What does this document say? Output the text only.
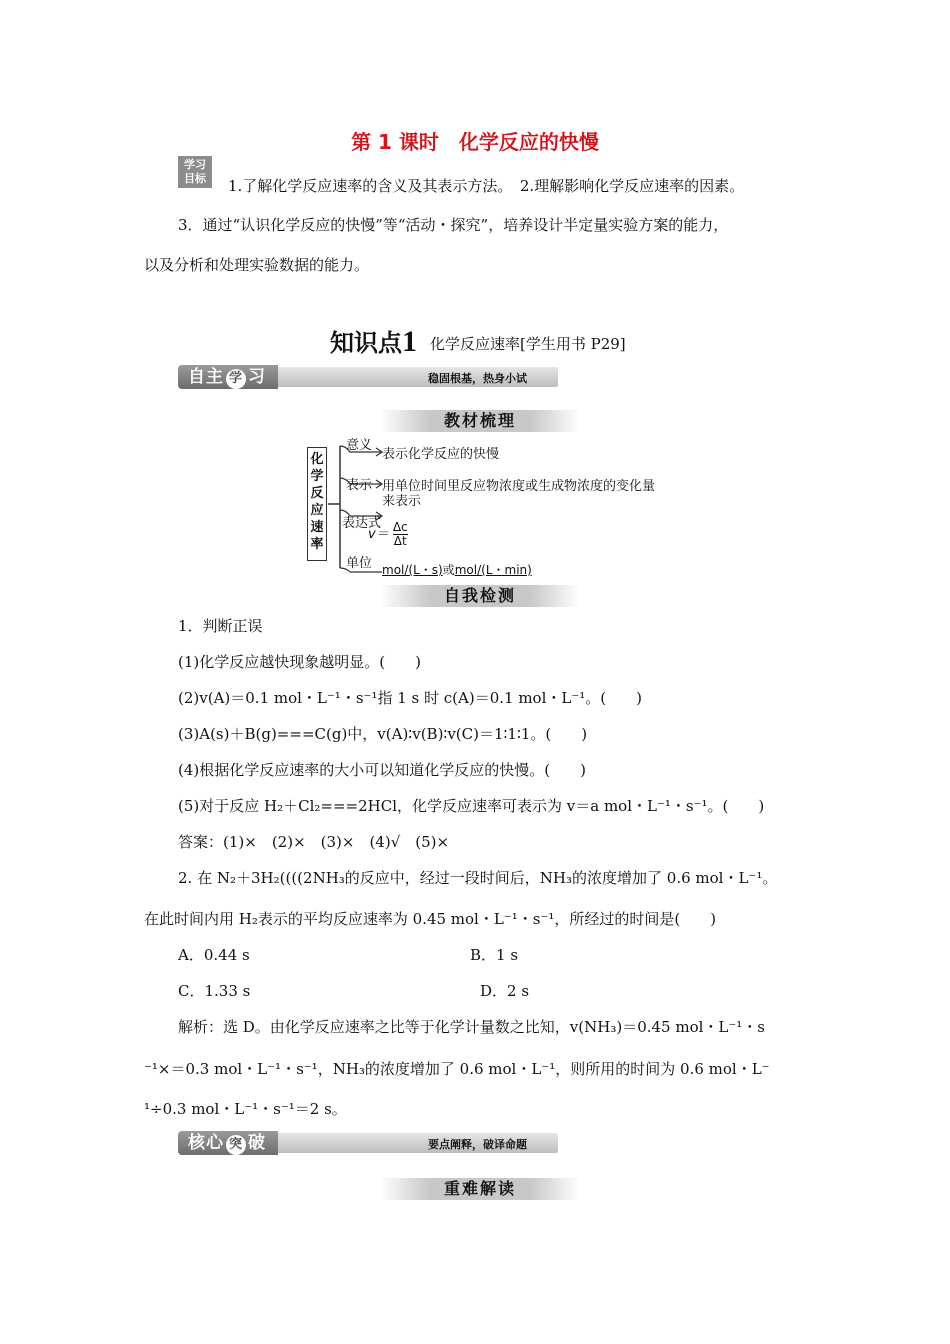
第 1 课时　化学反应的快慢
学习
目标	1.了解化学反应速率的含义及其表示方法。　2.理解影响化学反应速率的因素。
3．通过“认识化学反应的快慢”等“活动・探究”，培养设计半定量实验方案的能力，
以及分析和处理实验数据的能力。
知识点1 化学反应速率[学生用书 P29]
自主 学 习	稳固根基，热身小试
教材梳理
化
学
反
应
速
率
意义
表示化学反应的快慢
表示 用单位时间里反应物浓度或生成物浓度的变化量
来表示
表达式
$v= \frac{\Delta c}{\Delta t}$
单位 mol/(L・s)或mol/(L・min)
自我检测
1．判断正误
(1)化学反应越快现象越明显。(　　)
(2)v(A)＝0.1 mol・L⁻¹・s⁻¹指 1 s 时 c(A)＝0.1 mol・L⁻¹。(　　)
(3)A(s)＋B(g)===C(g)中，v(A)∶v(B)∶v(C)＝1∶1∶1。(　　)
(4)根据化学反应速率的大小可以知道化学反应的快慢。(　　)
(5)对于反应 H₂＋Cl₂===2HCl，化学反应速率可表示为 v＝a mol・L⁻¹・s⁻¹。(　　)
答案：(1)×　(2)×　(3)×　(4)√　(5)×
2. 在 N₂＋3H₂((((2NH₃的反应中，经过一段时间后，NH₃的浓度增加了 0.6 mol・L⁻¹。
在此时间内用 H₂表示的平均反应速率为 0.45 mol・L⁻¹・s⁻¹，所经过的时间是(　　)
A．0.44 s	B．1 s
C．1.33 s	D．2 s
解析：选 D。由化学反应速率之比等于化学计量数之比知，v(NH₃)＝0.45 mol・L⁻¹・s
⁻¹×＝0.3 mol・L⁻¹・s⁻¹，NH₃的浓度增加了 0.6 mol・L⁻¹，则所用的时间为 0.6 mol・L⁻
¹÷0.3 mol・L⁻¹・s⁻¹＝2 s。
核心 突 破	要点阐释，破译命题
重难解读
